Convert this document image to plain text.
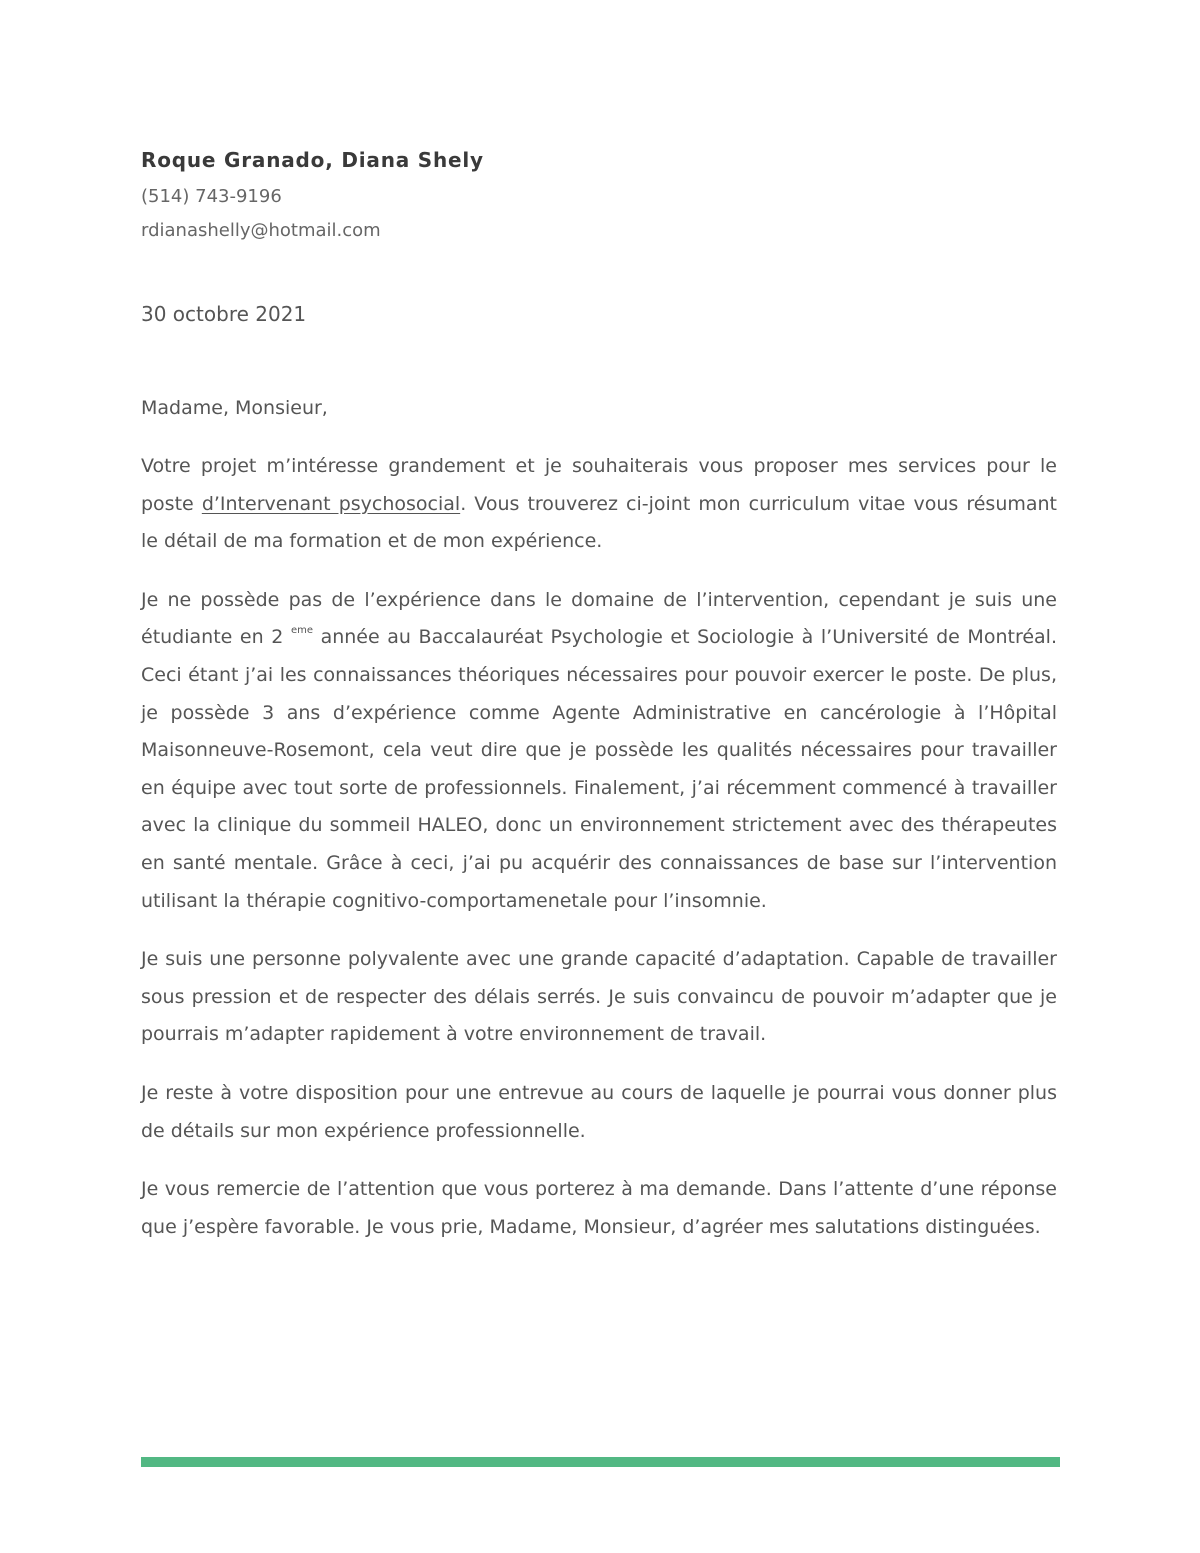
Roque Granado, Diana Shely
(514) 743-9196
rdianashelly@hotmail.com
30 octobre 2021
Madame, Monsieur,

Votre projet m’intéresse grandement et je souhaiterais vous proposer mes services pour le poste d’Intervenant psychosocial. Vous trouverez ci-joint mon curriculum vitae vous résumant le détail de ma formation et de mon expérience.

Je ne possède pas de l’expérience dans le domaine de l’intervention, cependant je suis une étudiante en 2 $^{eme}$ année au Baccalauréat Psychologie et Sociologie à l’Université de Montréal. Ceci étant j’ai les connaissances théoriques nécessaires pour pouvoir exercer le poste. De plus, je possède 3 ans d’expérience comme Agente Administrative en cancérologie à l’Hôpital Maisonneuve-Rosemont, cela veut dire que je possède les qualités nécessaires pour travailler en équipe avec tout sorte de professionnels. Finalement, j’ai récemment commencé à travailler avec la clinique du sommeil HALEO, donc un environnement strictement avec des thérapeutes en santé mentale. Grâce à ceci, j’ai pu acquérir des connaissances de base sur l’intervention utilisant la thérapie cognitivo-comportamenetale pour l’insomnie.

Je suis une personne polyvalente avec une grande capacité d’adaptation. Capable de travailler sous pression et de respecter des délais serrés. Je suis convaincu de pouvoir m’adapter que je pourrais m’adapter rapidement à votre environnement de travail.

Je reste à votre disposition pour une entrevue au cours de laquelle je pourrai vous donner plus de détails sur mon expérience professionnelle.

Je vous remercie de l’attention que vous porterez à ma demande. Dans l’attente d’une réponse que j’espère favorable. Je vous prie, Madame, Monsieur, d’agréer mes salutations distinguées.
